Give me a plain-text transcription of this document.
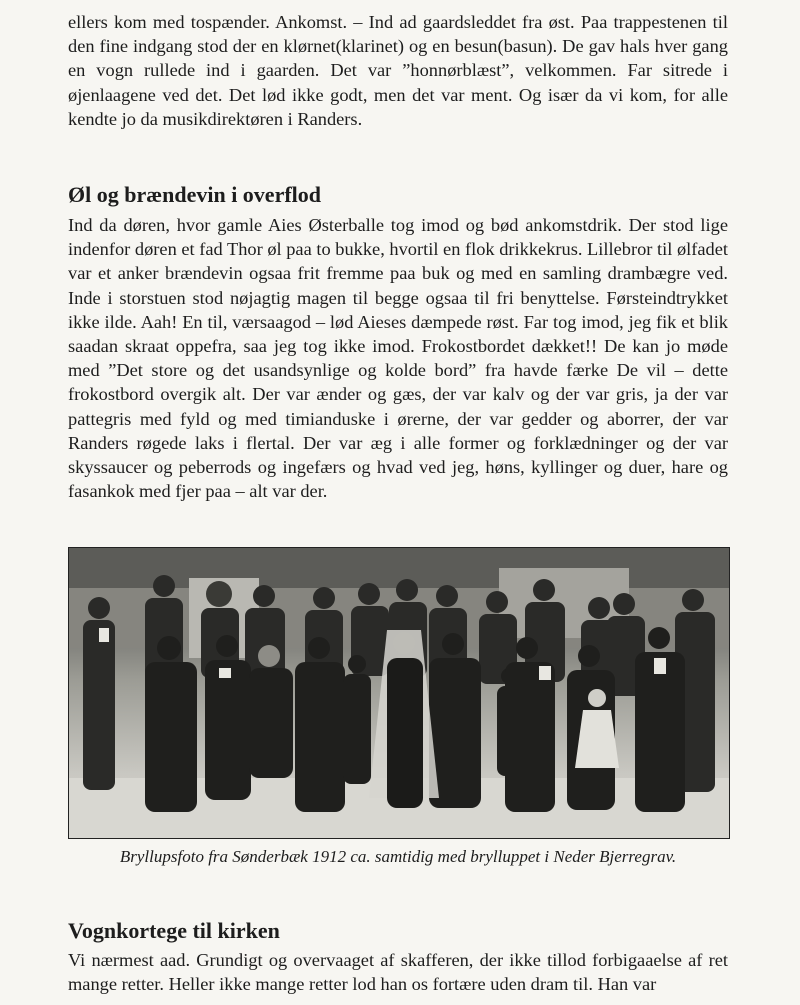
ellers kom med tospænder. Ankomst. – Ind ad gaardsleddet fra øst. Paa trappestenen til den fine indgang stod der en klørnet(klarinet) og en besun(basun). De gav hals hver gang en vogn rullede ind i gaarden. Det var ”honnørblæst”, velkommen. Far sitrede i øjenlaagene ved det. Det lød ikke godt, men det var ment. Og især da vi kom, for alle kendte jo da musikdirektøren i Randers.

Øl og brændevin i overflod

Ind da døren, hvor gamle Aies Østerballe tog imod og bød ankomstdrik. Der stod lige indenfor døren et fad Thor øl paa to bukke, hvortil en flok drikkekrus. Lillebror til ølfadet var et anker brændevin ogsaa frit fremme paa buk og med en samling drambægre ved. Inde i storstuen stod nøjagtig magen til begge ogsaa til fri benyttelse. Førsteindtrykket ikke ilde. Aah! En til, værsaagod – lød Aieses dæmpede røst. Far tog imod, jeg fik et blik saadan skraat oppefra, saa jeg tog ikke imod. Frokostbordet dækket!! De kan jo møde med ”Det store og det usandsynlige og kolde bord” fra havde færke De vil – dette frokostbord overgik alt. Der var ænder og gæs, der var kalv og der var gris, ja der var pattegris med fyld og med timianduske i ørerne, der var gedder og aborrer, der var Randers røgede laks i flertal. Der var æg i alle former og forklædninger og der var skyssaucer og peberrods og ingefærs og hvad ved jeg, høns, kyllinger og duer, hare og fasankok med fjer paa – alt var der.

Bryllupsfoto fra Sønderbæk 1912 ca. samtidig med brylluppet i Neder Bjerregrav.

Vognkortege til kirken

Vi nærmest aad. Grundigt og overvaaget af skafferen, der ikke tillod forbigaaelse af ret mange retter. Heller ikke mange retter lod han os fortære uden dram til. Han var
